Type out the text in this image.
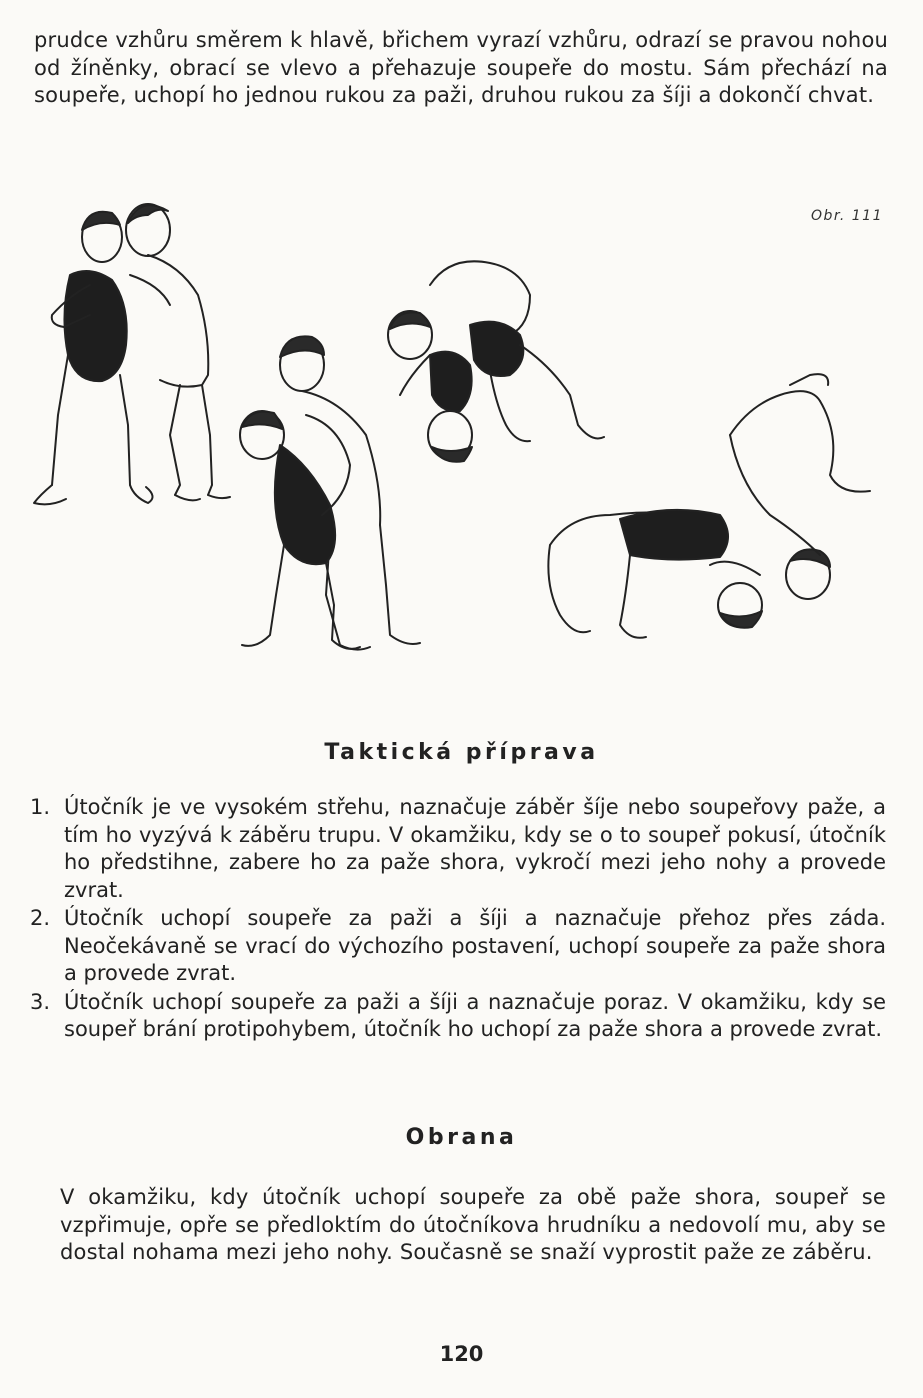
prudce vzhůru směrem k hlavě, břichem vyrazí vzhůru, odrazí se pravou nohou od žíněnky, obrací se vlevo a přehazuje soupeře do mostu. Sám přechází na soupeře, uchopí ho jednou rukou za paži, druhou rukou za šíji a dokončí chvat.

Obr. 111
Taktická příprava
1. Útočník je ve vysokém střehu, naznačuje záběr šíje nebo soupeřovy paže, a tím ho vyzývá k záběru trupu. V okamžiku, kdy se o to soupeř pokusí, útočník ho předstihne, zabere ho za paže shora, vykročí mezi jeho nohy a provede zvrat.
2. Útočník uchopí soupeře za paži a šíji a naznačuje přehoz přes záda. Neočekávaně se vrací do výchozího postavení, uchopí soupeře za paže shora a provede zvrat.
3. Útočník uchopí soupeře za paži a šíji a naznačuje poraz. V okamžiku, kdy se soupeř brání protipohybem, útočník ho uchopí za paže shora a provede zvrat.
Obrana

V okamžiku, kdy útočník uchopí soupeře za obě paže shora, soupeř se vzpřimuje, opře se předloktím do útočníkova hrudníku a nedovolí mu, aby se dostal nohama mezi jeho nohy. Současně se snaží vyprostit paže ze záběru.

120
